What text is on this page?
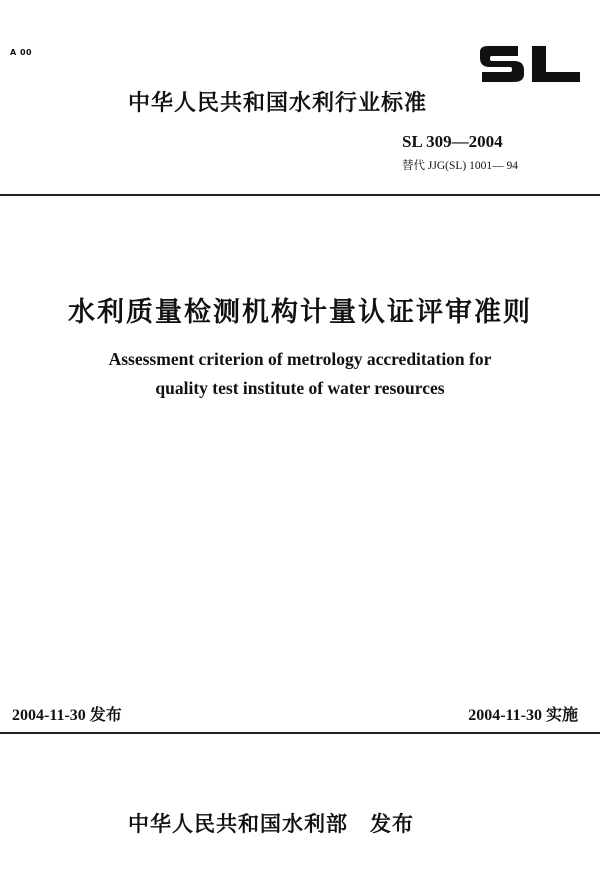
A 00
中华人民共和国水利行业标准
SL 309—2004
替代 JJG(SL) 1001— 94
水利质量检测机构计量认证评审准则
Assessment criterion of metrology accreditation for
quality test institute of water resources
2004-11-30 发布	2004-11-30 实施
中华人民共和国水利部 发布
